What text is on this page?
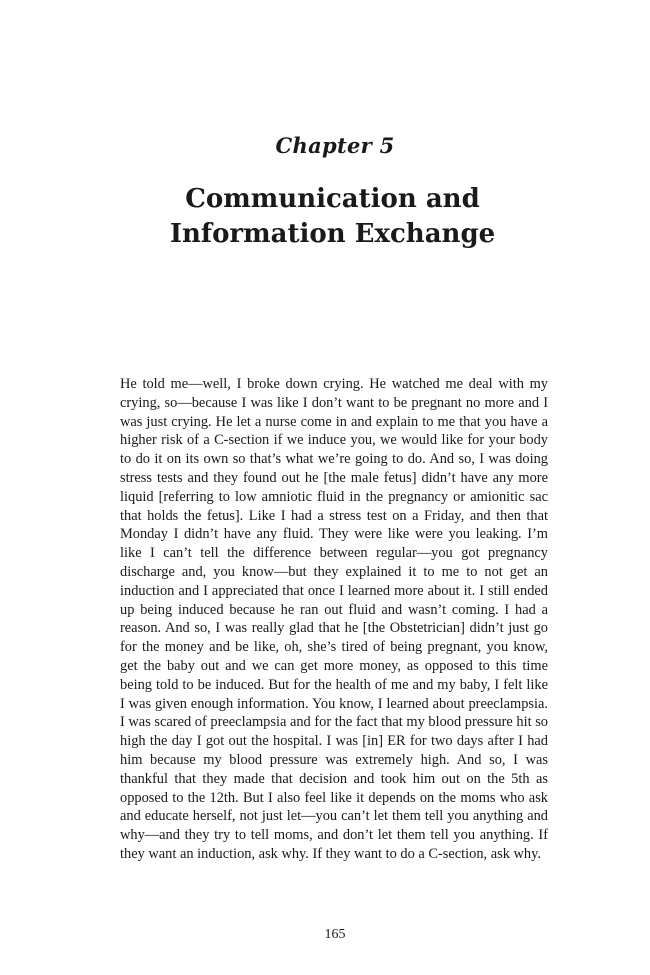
Chapter 5
Communication and
Information Exchange

He told me—well, I broke down crying. He watched me deal with my crying, so—because I was like I don’t want to be pregnant no more and I was just crying. He let a nurse come in and explain to me that you have a higher risk of a C-section if we induce you, we would like for your body to do it on its own so that’s what we’re going to do. And so, I was doing stress tests and they found out he [the male fetus] didn’t have any more liquid [referring to low amniotic fluid in the pregnancy or amionitic sac that holds the fetus]. Like I had a stress test on a Friday, and then that Monday I didn’t have any fluid. They were like were you leaking. I’m like I can’t tell the difference between regular—you got pregnancy discharge and, you know—but they explained it to me to not get an induction and I appreciated that once I learned more about it. I still ended up being induced because he ran out fluid and wasn’t coming. I had a reason. And so, I was really glad that he [the Obstetrician] didn’t just go for the money and be like, oh, she’s tired of being pregnant, you know, get the baby out and we can get more money, as opposed to this time being told to be induced. But for the health of me and my baby, I felt like I was given enough information. You know, I learned about preeclampsia. I was scared of preeclampsia and for the fact that my blood pressure hit so high the day I got out the hospital. I was [in] ER for two days after I had him because my blood pressure was extremely high. And so, I was thankful that they made that decision and took him out on the 5th as opposed to the 12th. But I also feel like it depends on the moms who ask and educate herself, not just let—you can’t let them tell you anything and why—and they try to tell moms, and don’t let them tell you anything. If they want an induction, ask why. If they want to do a C-section, ask why.

165
